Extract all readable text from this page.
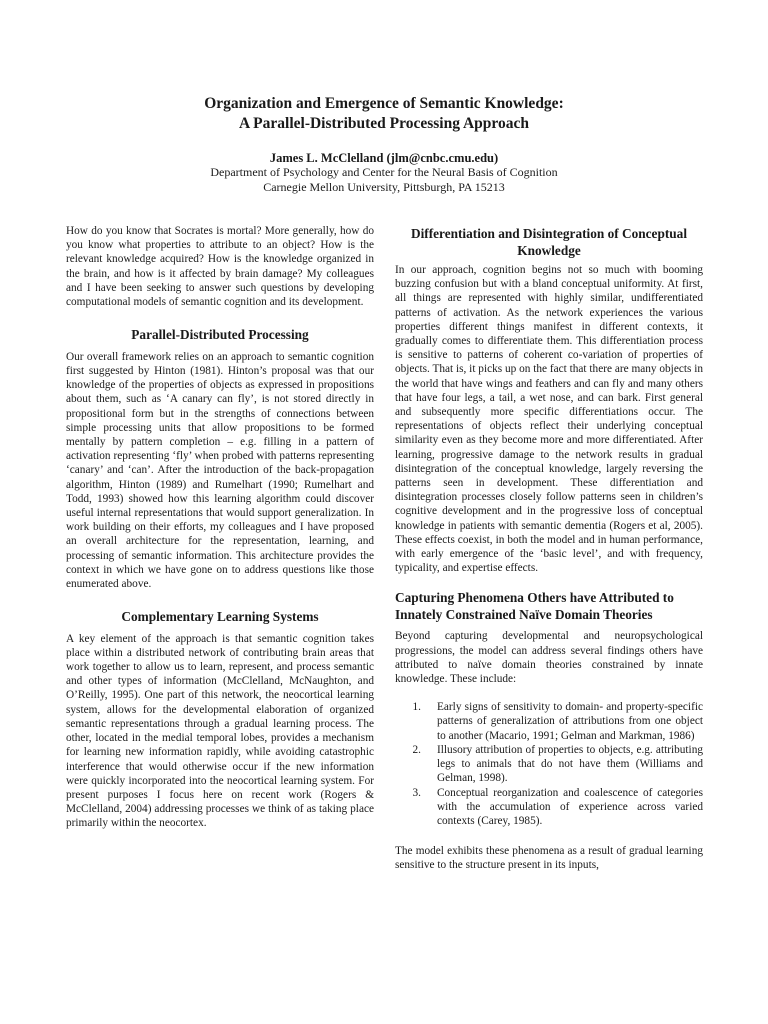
Organization and Emergence of Semantic Knowledge:
A Parallel-Distributed Processing Approach
James L. McClelland (jlm@cnbc.cmu.edu)
Department of Psychology and Center for the Neural Basis of Cognition
Carnegie Mellon University, Pittsburgh, PA 15213

How do you know that Socrates is mortal? More generally, how do you know what properties to attribute to an object? How is the relevant knowledge acquired? How is the knowledge organized in the brain, and how is it affected by brain damage? My colleagues and I have been seeking to answer such questions by developing computational models of semantic cognition and its development.

Parallel-Distributed Processing

Our overall framework relies on an approach to semantic cognition first suggested by Hinton (1981). Hinton’s proposal was that our knowledge of the properties of objects as expressed in propositions about them, such as ‘A canary can fly’, is not stored directly in propositional form but in the strengths of connections between simple processing units that allow propositions to be formed mentally by pattern completion – e.g. filling in a pattern of activation representing ‘fly’ when probed with patterns representing ‘canary’ and ‘can’. After the introduction of the back-propagation algorithm, Hinton (1989) and Rumelhart (1990; Rumelhart and Todd, 1993) showed how this learning algorithm could discover useful internal representations that would support generalization. In work building on their efforts, my colleagues and I have proposed an overall architecture for the representation, learning, and processing of semantic information. This architecture provides the context in which we have gone on to address questions like those enumerated above.

Complementary Learning Systems

A key element of the approach is that semantic cognition takes place within a distributed network of contributing brain areas that work together to allow us to learn, represent, and process semantic and other types of information (McClelland, McNaughton, and O’Reilly, 1995). One part of this network, the neocortical learning system, allows for the developmental elaboration of organized semantic representations through a gradual learning process. The other, located in the medial temporal lobes, provides a mechanism for learning new information rapidly, while avoiding catastrophic interference that would otherwise occur if the new information were quickly incorporated into the neocortical learning system. For present purposes I focus here on recent work (Rogers & McClelland, 2004) addressing processes we think of as taking place primarily within the neocortex.

Differentiation and Disintegration of Conceptual Knowledge

In our approach, cognition begins not so much with booming buzzing confusion but with a bland conceptual uniformity. At first, all things are represented with highly similar, undifferentiated patterns of activation. As the network experiences the various properties different things manifest in different contexts, it gradually comes to differentiate them. This differentiation process is sensitive to patterns of coherent co-variation of properties of objects. That is, it picks up on the fact that there are many objects in the world that have wings and feathers and can fly and many others that have four legs, a tail, a wet nose, and can bark. First general and subsequently more specific differentiations occur. The representations of objects reflect their underlying conceptual similarity even as they become more and more differentiated. After learning, progressive damage to the network results in gradual disintegration of the conceptual knowledge, largely reversing the patterns seen in development. These differentiation and disintegration processes closely follow patterns seen in children’s cognitive development and in the progressive loss of conceptual knowledge in patients with semantic dementia (Rogers et al, 2005). These effects coexist, in both the model and in human performance, with early emergence of the ‘basic level’, and with frequency, typicality, and expertise effects.

Capturing Phenomena Others have Attributed to Innately Constrained Naïve Domain Theories

Beyond capturing developmental and neuropsychological progressions, the model can address several findings others have attributed to naïve domain theories constrained by innate knowledge. These include:

1. Early signs of sensitivity to domain- and property-specific patterns of generalization of attributions from one object to another (Macario, 1991; Gelman and Markman, 1986)
2. Illusory attribution of properties to objects, e.g. attributing legs to animals that do not have them (Williams and Gelman, 1998).
3. Conceptual reorganization and coalescence of categories with the accumulation of experience across varied contexts (Carey, 1985).

The model exhibits these phenomena as a result of gradual learning sensitive to the structure present in its inputs,
